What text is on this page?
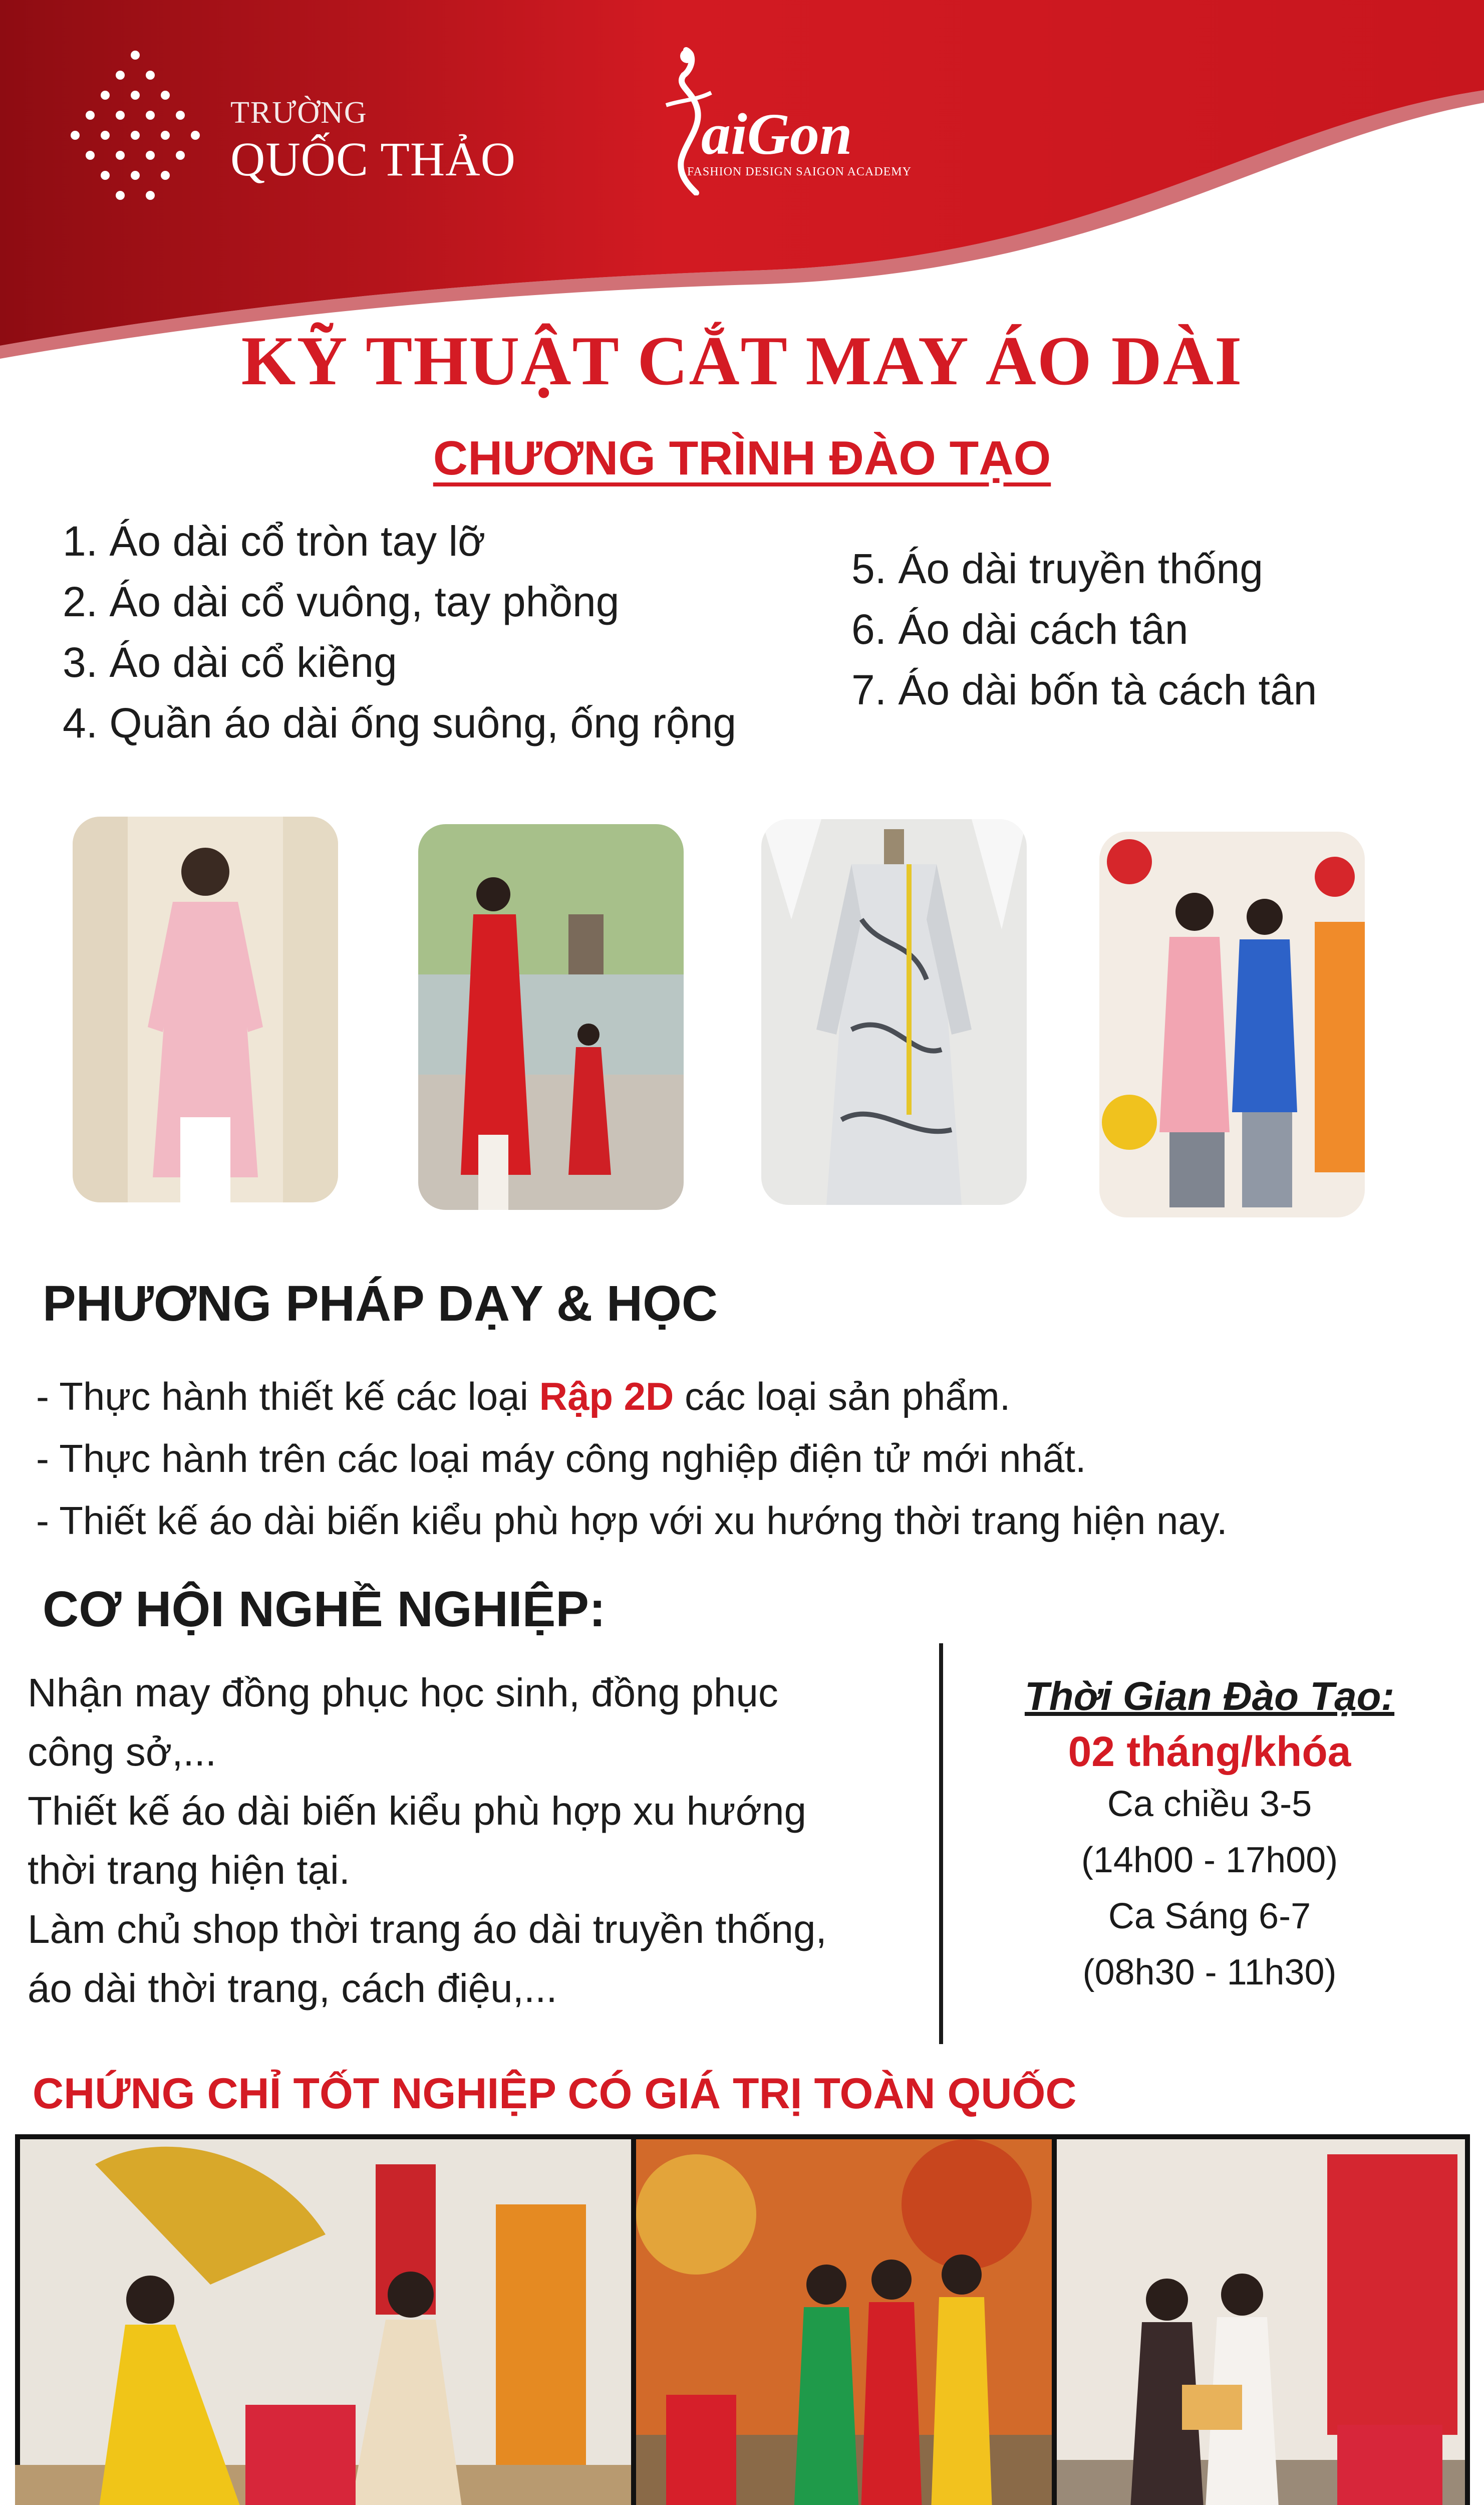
TRƯỜNG
QUỐC THẢO	aiGon
FASHION DESIGN SAIGON ACADEMY
KỸ THUẬT CẮT MAY ÁO DÀI
CHƯƠNG TRÌNH ĐÀO TẠO
1. Áo dài cổ tròn tay lỡ
2. Áo dài cổ vuông, tay phồng
3. Áo dài cổ kiềng
4. Quần áo dài ống suông, ống rộng
5. Áo dài truyền thống
6. Áo dài cách tân
7. Áo dài bốn tà cách tân
PHƯƠNG PHÁP DẠY & HỌC
- Thực hành thiết kế các loại Rập 2D các loại sản phẩm.
- Thực hành trên các loại máy công nghiệp điện tử mới nhất.
- Thiết kế áo dài biến kiểu phù hợp với xu hướng thời trang hiện nay.
CƠ HỘI NGHỀ NGHIỆP:

Nhận may đồng phục học sinh, đồng phục

công sở,...

Thiết kế áo dài biến kiểu phù hợp xu hướng

thời trang hiện tại.

Làm chủ shop thời trang áo dài truyền thống,

áo dài thời trang, cách điệu,...

Thời Gian Đào Tạo:
02 tháng/khóa
Ca chiều 3-5
(14h00 - 17h00)
Ca Sáng 6-7
(08h30 - 11h30)
CHỨNG CHỈ TỐT NGHIỆP CÓ GIÁ TRỊ TOÀN QUỐC
